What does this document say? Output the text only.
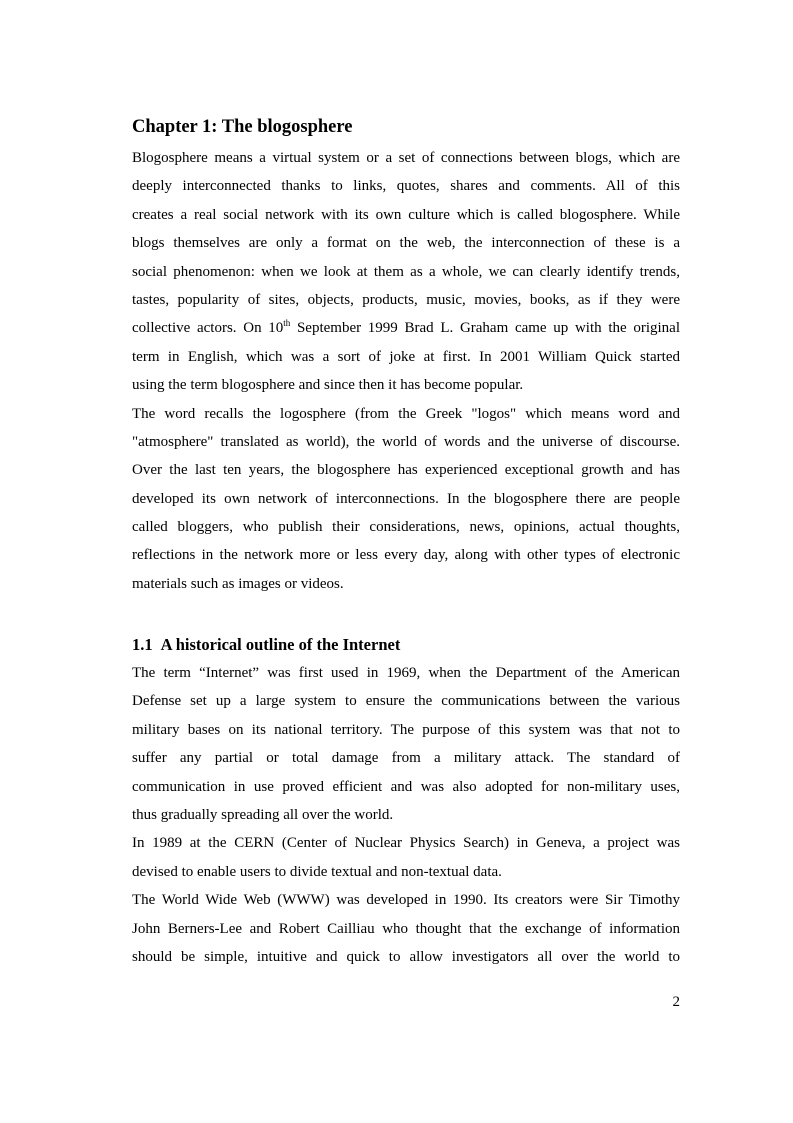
Chapter 1: The blogosphere

Blogosphere means a virtual system or a set of connections between blogs, which are
deeply interconnected thanks to links, quotes, shares and comments. All of this
creates a real social network with its own culture which is called blogosphere. While
blogs themselves are only a format on the web, the interconnection of these is a
social phenomenon: when we look at them as a whole, we can clearly identify trends,
tastes, popularity of sites, objects, products, music, movies, books, as if they were
collective actors. On 10th September 1999 Brad L. Graham came up with the original
term in English, which was a sort of joke at first. In 2001 William Quick started
using the term blogosphere and since then it has become popular.

The word recalls the logosphere (from the Greek "logos" which means word and
"atmosphere" translated as world), the world of words and the universe of discourse.
Over the last ten years, the blogosphere has experienced exceptional growth and has
developed its own network of interconnections. In the blogosphere there are people
called bloggers, who publish their considerations, news, opinions, actual thoughts,
reflections in the network more or less every day, along with other types of electronic
materials such as images or videos.

1.1 A historical outline of the Internet

The term “Internet” was first used in 1969, when the Department of the American
Defense set up a large system to ensure the communications between the various
military bases on its national territory. The purpose of this system was that not to
suffer any partial or total damage from a military attack. The standard of
communication in use proved efficient and was also adopted for non-military uses,
thus gradually spreading all over the world.

In 1989 at the CERN (Center of Nuclear Physics Search) in Geneva, a project was
devised to enable users to divide textual and non-textual data.

The World Wide Web (WWW) was developed in 1990. Its creators were Sir Timothy
John Berners-Lee and Robert Cailliau who thought that the exchange of information
should be simple, intuitive and quick to allow investigators all over the world to

2
